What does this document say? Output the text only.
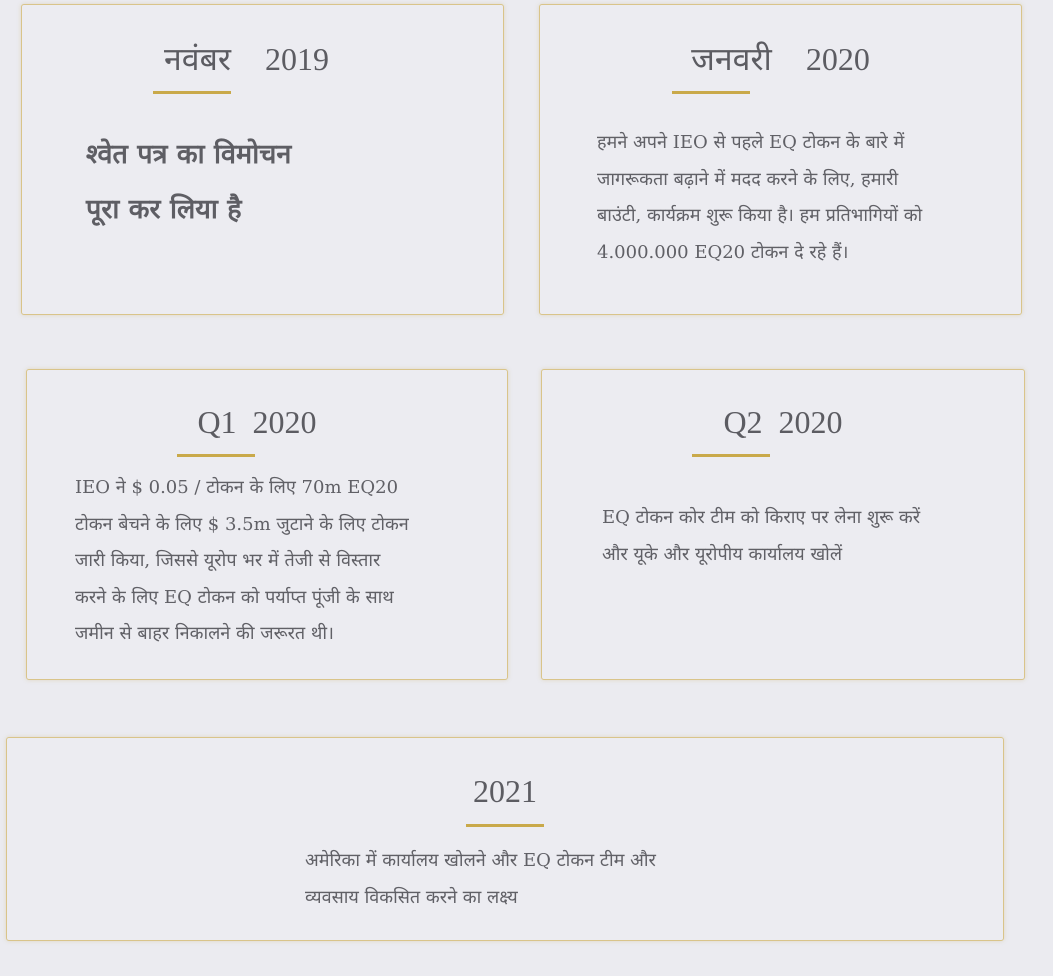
नवंबर 2019
श्वेत पत्र का विमोचन
पूरा कर लिया है
जनवरी 2020
हमने अपने IEO से पहले EQ टोकन के बारे में
जागरूकता बढ़ाने में मदद करने के लिए, हमारी
बाउंटी, कार्यक्रम शुरू किया है। हम प्रतिभागियों को
4.000.000 EQ20 टोकन दे रहे हैं।
Q1 2020
IEO ने $ 0.05 / टोकन के लिए 70m EQ20
टोकन बेचने के लिए $ 3.5m जुटाने के लिए टोकन
जारी किया, जिससे यूरोप भर में तेजी से विस्तार
करने के लिए EQ टोकन को पर्याप्त पूंजी के साथ
जमीन से बाहर निकालने की जरूरत थी।
Q2 2020
EQ टोकन कोर टीम को किराए पर लेना शुरू करें
और यूके और यूरोपीय कार्यालय खोलें
2021
अमेरिका में कार्यालय खोलने और EQ टोकन टीम और
व्यवसाय विकसित करने का लक्ष्य
